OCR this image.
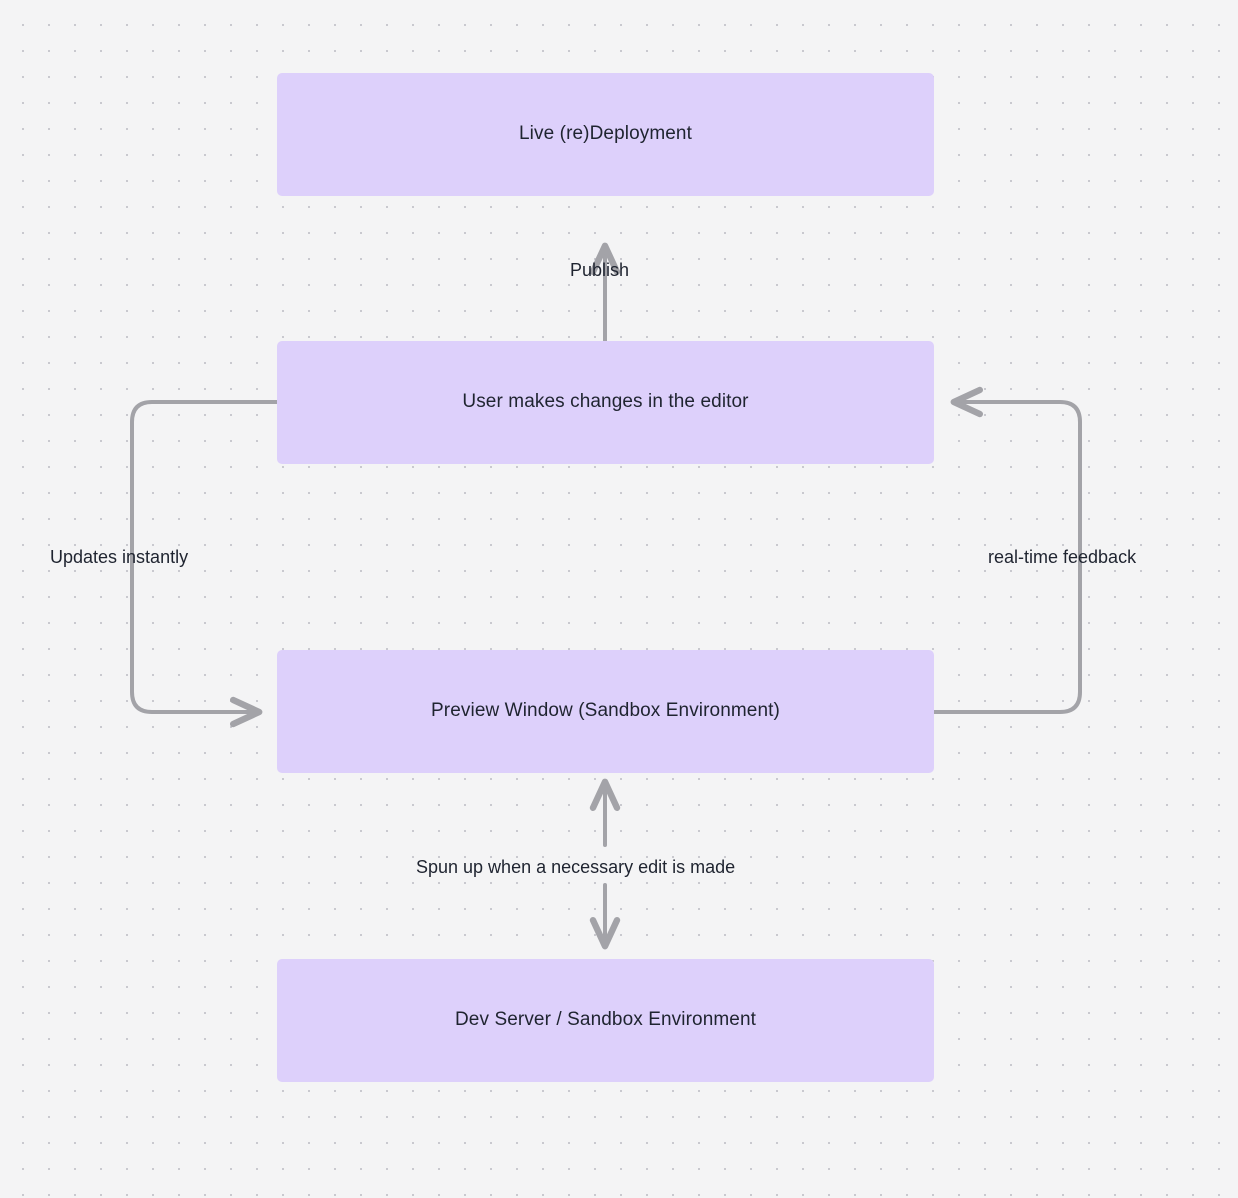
Live (re)Deployment
User makes changes in the editor
Preview Window (Sandbox Environment)
Dev Server / Sandbox Environment
Publish
Updates instantly	real-time feedback
Spun up when a necessary edit is made
